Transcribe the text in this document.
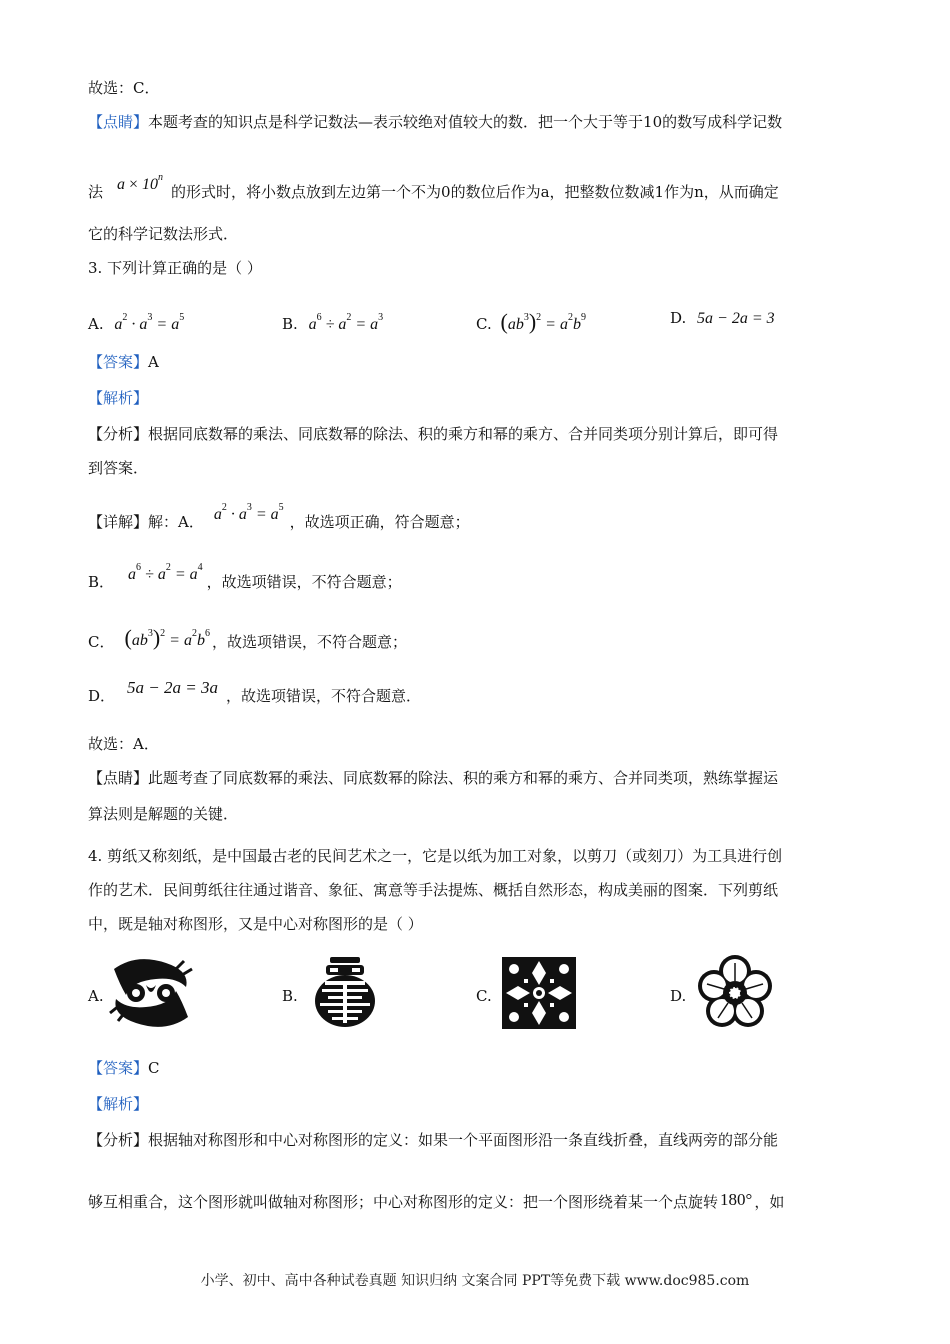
故选：C．
【点睛】本题考查的知识点是科学记数法—表示较绝对值较大的数．把一个大于等于10的数写成科学记数
法 $a \times 10^n$的形式时，将小数点放到左边第一个不为0的数位后作为a，把整数位数减1作为n，从而确定
它的科学记数法形式．
3. 下列计算正确的是（ ）
A. $a^2 \cdot a^3 = a^5$	B. $a^6 \div a^2 = a^3$	C. $(ab^3)^2 = a^2b^9$	D. 5a − 2a = 3
【答案】A
【解析】
【分析】根据同底数幂的乘法、同底数幂的除法、积的乘方和幂的乘方、合并同类项分别计算后，即可得
到答案．
【详解】解：A． $a^2 \cdot a^3 = a^5$，故选项正确，符合题意；
B． $a^6 \div a^2 = a^4$，故选项错误，不符合题意；
C． $(ab^3)^2 = a^2b^6$ ，故选项错误，不符合题意；
D． 5a − 2a = 3a ，故选项错误，不符合题意．
故选：A．
【点睛】此题考查了同底数幂的乘法、同底数幂的除法、积的乘方和幂的乘方、合并同类项，熟练掌握运
算法则是解题的关键．
4. 剪纸又称刻纸，是中国最古老的民间艺术之一，它是以纸为加工对象，以剪刀（或刻刀）为工具进行创
作的艺术．民间剪纸往往通过谐音、象征、寓意等手法提炼、概括自然形态，构成美丽的图案．下列剪纸
中，既是轴对称图形，又是中心对称图形的是（ ）
A.	B.	C.	D.
【答案】C
【解析】
【分析】根据轴对称图形和中心对称图形的定义：如果一个平面图形沿一条直线折叠，直线两旁的部分能
够互相重合，这个图形就叫做轴对称图形；中心对称图形的定义：把一个图形绕着某一个点旋转 180° ，如
小学、初中、高中各种试卷真题 知识归纳 文案合同 PPT等免费下载 www.doc985.com
